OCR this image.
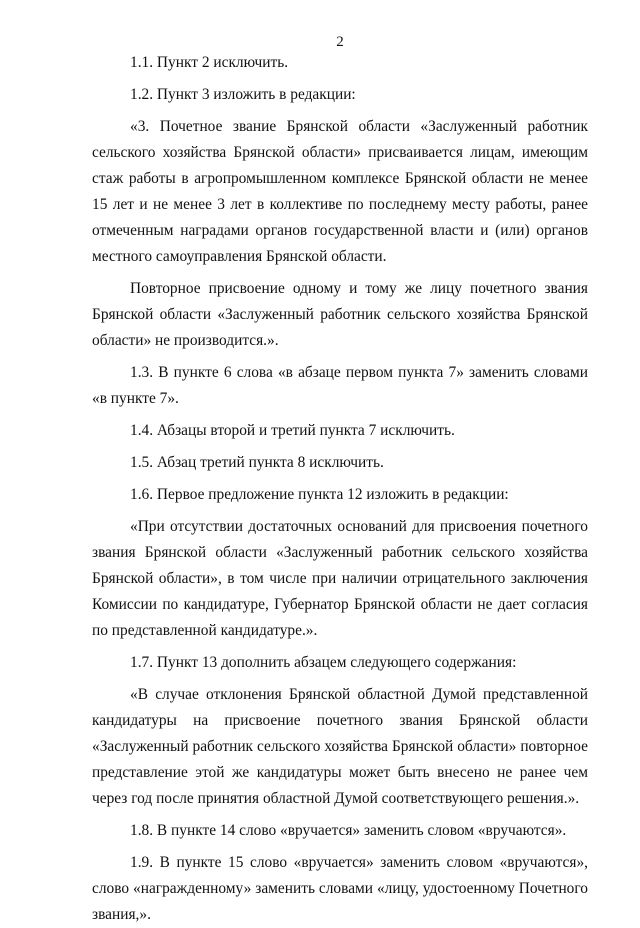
2

1.1. Пункт 2 исключить.

1.2. Пункт 3 изложить в редакции:

«3. Почетное звание Брянской области «Заслуженный работник сельского хозяйства Брянской области» присваивается лицам, имеющим стаж работы в агропромышленном комплексе Брянской области не менее 15 лет и не менее 3 лет в коллективе по последнему месту работы, ранее отмеченным наградами органов государственной власти и (или) органов местного самоуправления Брянской области.

Повторное присвоение одному и тому же лицу почетного звания Брянской области «Заслуженный работник сельского хозяйства Брянской области» не производится.».

1.3. В пункте 6 слова «в абзаце первом пункта 7» заменить словами «в пункте 7».

1.4. Абзацы второй и третий пункта 7 исключить.

1.5. Абзац третий пункта 8 исключить.

1.6. Первое предложение пункта 12 изложить в редакции:

«При отсутствии достаточных оснований для присвоения почетного звания Брянской области «Заслуженный работник сельского хозяйства Брянской области», в том числе при наличии отрицательного заключения Комиссии по кандидатуре, Губернатор Брянской области не дает согласия по представленной кандидатуре.».

1.7. Пункт 13 дополнить абзацем следующего содержания:

«В случае отклонения Брянской областной Думой представленной кандидатуры на присвоение почетного звания Брянской области «Заслуженный работник сельского хозяйства Брянской области» повторное представление этой же кандидатуры может быть внесено не ранее чем через год после принятия областной Думой соответствующего решения.».

1.8. В пункте 14 слово «вручается» заменить словом «вручаются».

1.9. В пункте 15 слово «вручается» заменить словом «вручаются», слово «награжденному» заменить словами «лицу, удостоенному Почетного звания,».
